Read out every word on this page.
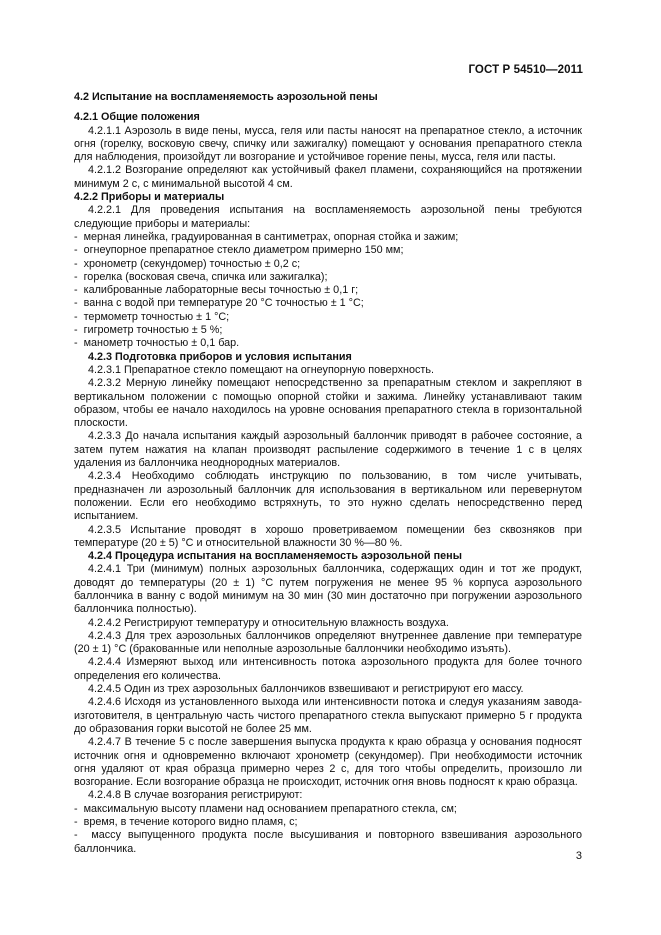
ГОСТ Р 54510—2011

4.2 Испытание на воспламеняемость аэрозольной пены

4.2.1 Общие положения

4.2.1.1 Аэрозоль в виде пены, мусса, геля или пасты наносят на препаратное стекло, а источник огня (горелку, восковую свечу, спичку или зажигалку) помещают у основания препаратного стекла для наблюдения, произойдут ли возгорание и устойчивое горение пены, мусса, геля или пасты.

4.2.1.2 Возгорание определяют как устойчивый факел пламени, сохраняющийся на протяжении минимум 2 с, с минимальной высотой 4 см.

4.2.2 Приборы и материалы

4.2.2.1 Для проведения испытания на воспламеняемость аэрозольной пены требуются следующие приборы и материалы:

-  мерная линейка, градуированная в сантиметрах, опорная стойка и зажим;

-  огнеупорное препаратное стекло диаметром примерно 150 мм;

-  хронометр (секундомер) точностью ± 0,2 с;

-  горелка (восковая свеча, спичка или зажигалка);

-  калиброванные лабораторные весы точностью ± 0,1 г;

-  ванна с водой при температуре 20 °С точностью ± 1 °С;

-  термометр точностью ± 1 °С;

-  гигрометр точностью ± 5 %;

-  манометр точностью ± 0,1 бар.

4.2.3 Подготовка приборов и условия испытания

4.2.3.1 Препаратное стекло помещают на огнеупорную поверхность.

4.2.3.2 Мерную линейку помещают непосредственно за препаратным стеклом и закрепляют в вертикальном положении с помощью опорной стойки и зажима. Линейку устанавливают таким образом, чтобы ее начало находилось на уровне основания препаратного стекла в горизонтальной плоскости.

4.2.3.3 До начала испытания каждый аэрозольный баллончик приводят в рабочее состояние, а затем путем нажатия на клапан производят распыление содержимого в течение 1 с в целях удаления из баллончика неоднородных материалов.

4.2.3.4 Необходимо соблюдать инструкцию по пользованию, в том числе учитывать, предназначен ли аэрозольный баллончик для использования в вертикальном или перевернутом положении. Если его необходимо встряхнуть, то это нужно сделать непосредственно перед испытанием.

4.2.3.5 Испытание проводят в хорошо проветриваемом помещении без сквозняков при температуре (20 ± 5) °С и относительной влажности 30 %—80 %.

4.2.4 Процедура испытания на воспламеняемость аэрозольной пены

4.2.4.1 Три (минимум) полных аэрозольных баллончика, содержащих один и тот же продукт, доводят до температуры (20 ± 1) °С путем погружения не менее 95 % корпуса аэрозольного баллончика в ванну с водой минимум на 30 мин (30 мин достаточно при погружении аэрозольного баллончика полностью).

4.2.4.2 Регистрируют температуру и относительную влажность воздуха.

4.2.4.3 Для трех аэрозольных баллончиков определяют внутреннее давление при температуре (20 ± 1) °С (бракованные или неполные аэрозольные баллончики необходимо изъять).

4.2.4.4 Измеряют выход или интенсивность потока аэрозольного продукта для более точного определения его количества.

4.2.4.5 Один из трех аэрозольных баллончиков взвешивают и регистрируют его массу.

4.2.4.6 Исходя из установленного выхода или интенсивности потока и следуя указаниям завода-изготовителя, в центральную часть чистого препаратного стекла выпускают примерно 5 г продукта до образования горки высотой не более 25 мм.

4.2.4.7 В течение 5 с после завершения выпуска продукта к краю образца у основания подносят источник огня и одновременно включают хронометр (секундомер). При необходимости источник огня удаляют от края образца примерно через 2 с, для того чтобы определить, произошло ли возгорание. Если возгорание образца не происходит, источник огня вновь подносят к краю образца.

4.2.4.8 В случае возгорания регистрируют:

-  максимальную высоту пламени над основанием препаратного стекла, см;

-  время, в течение которого видно пламя, с;

-  массу выпущенного продукта после высушивания и повторного взвешивания аэрозольного баллончика.

3
